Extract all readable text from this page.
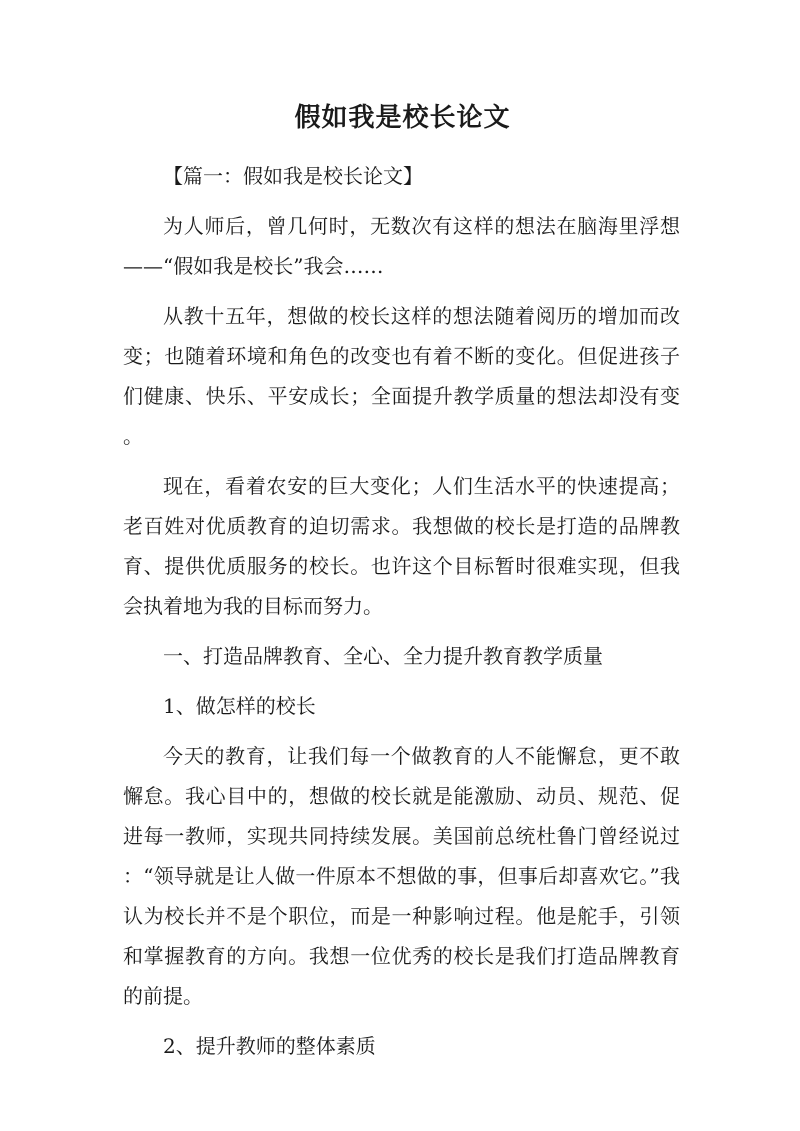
假如我是校长论文

【篇一：假如我是校长论文】

为人师后，曾几何时，无数次有这样的想法在脑海里浮想——“假如我是校长”我会……

从教十五年，想做的校长这样的想法随着阅历的增加而改变；也随着环境和角色的改变也有着不断的变化。但促进孩子们健康、快乐、平安成长；全面提升教学质量的想法却没有变。

现在，看着农安的巨大变化；人们生活水平的快速提高；老百姓对优质教育的迫切需求。我想做的校长是打造的品牌教育、提供优质服务的校长。也许这个目标暂时很难实现，但我会执着地为我的目标而努力。

一、打造品牌教育、全心、全力提升教育教学质量

1、做怎样的校长

今天的教育，让我们每一个做教育的人不能懈怠，更不敢懈怠。我心目中的，想做的校长就是能激励、动员、规范、促进每一教师，实现共同持续发展。美国前总统杜鲁门曾经说过：“领导就是让人做一件原本不想做的事，但事后却喜欢它。”我认为校长并不是个职位，而是一种影响过程。他是舵手，引领和掌握教育的方向。我想一位优秀的校长是我们打造品牌教育的前提。

2、提升教师的整体素质
